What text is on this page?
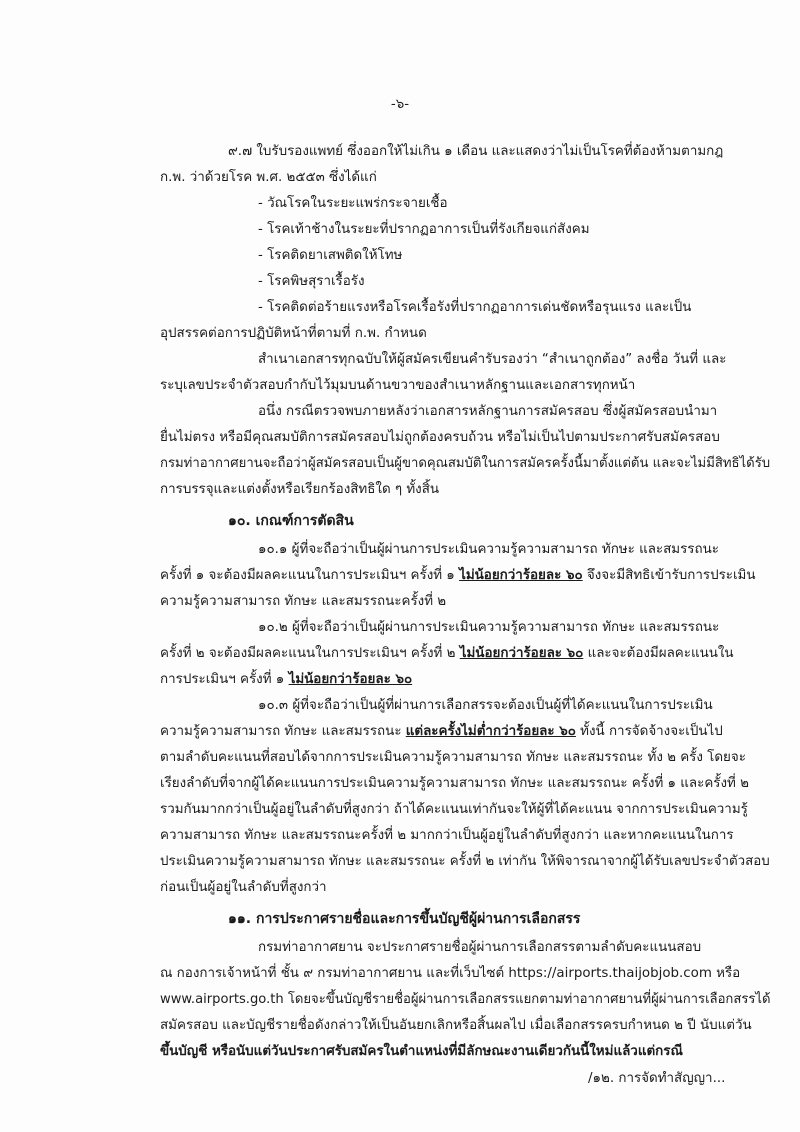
-๖-
๙.๗ ใบรับรองแพทย์ ซึ่งออกให้ไม่เกิน ๑ เดือน และแสดงว่าไม่เป็นโรคที่ต้องห้ามตามกฎ
ก.พ. ว่าด้วยโรค พ.ศ. ๒๕๕๓ ซึ่งได้แก่
- วัณโรคในระยะแพร่กระจายเชื้อ
- โรคเท้าช้างในระยะที่ปรากฏอาการเป็นที่รังเกียจแก่สังคม
- โรคติดยาเสพติดให้โทษ
- โรคพิษสุราเรื้อรัง
- โรคติดต่อร้ายแรงหรือโรคเรื้อรังที่ปรากฏอาการเด่นชัดหรือรุนแรง และเป็น
อุปสรรคต่อการปฏิบัติหน้าที่ตามที่ ก.พ. กำหนด
สำเนาเอกสารทุกฉบับให้ผู้สมัครเขียนคำรับรองว่า “สำเนาถูกต้อง” ลงชื่อ วันที่ และ
ระบุเลขประจำตัวสอบกำกับไว้มุมบนด้านขวาของสำเนาหลักฐานและเอกสารทุกหน้า
อนึ่ง กรณีตรวจพบภายหลังว่าเอกสารหลักฐานการสมัครสอบ ซึ่งผู้สมัครสอบนำมา
ยื่นไม่ตรง หรือมีคุณสมบัติการสมัครสอบไม่ถูกต้องครบถ้วน หรือไม่เป็นไปตามประกาศรับสมัครสอบ
กรมท่าอากาศยานจะถือว่าผู้สมัครสอบเป็นผู้ขาดคุณสมบัติในการสมัครครั้งนี้มาตั้งแต่ต้น และจะไม่มีสิทธิได้รับ
การบรรจุและแต่งตั้งหรือเรียกร้องสิทธิใด ๆ ทั้งสิ้น
๑๐. เกณฑ์การตัดสิน
๑๐.๑ ผู้ที่จะถือว่าเป็นผู้ผ่านการประเมินความรู้ความสามารถ ทักษะ และสมรรถนะ
ครั้งที่ ๑ จะต้องมีผลคะแนนในการประเมินฯ ครั้งที่ ๑ ไม่น้อยกว่าร้อยละ ๖๐ จึงจะมีสิทธิเข้ารับการประเมิน
ความรู้ความสามารถ ทักษะ และสมรรถนะครั้งที่ ๒
๑๐.๒ ผู้ที่จะถือว่าเป็นผู้ผ่านการประเมินความรู้ความสามารถ ทักษะ และสมรรถนะ
ครั้งที่ ๒ จะต้องมีผลคะแนนในการประเมินฯ ครั้งที่ ๒ ไม่น้อยกว่าร้อยละ ๖๐ และจะต้องมีผลคะแนนใน
การประเมินฯ ครั้งที่ ๑ ไม่น้อยกว่าร้อยละ ๖๐
๑๐.๓ ผู้ที่จะถือว่าเป็นผู้ที่ผ่านการเลือกสรรจะต้องเป็นผู้ที่ได้คะแนนในการประเมิน
ความรู้ความสามารถ ทักษะ และสมรรถนะ แต่ละครั้งไม่ต่ำกว่าร้อยละ ๖๐ ทั้งนี้ การจัดจ้างจะเป็นไป
ตามลำดับคะแนนที่สอบได้จากการประเมินความรู้ความสามารถ ทักษะ และสมรรถนะ ทั้ง ๒ ครั้ง โดยจะ
เรียงลำดับที่จากผู้ได้คะแนนการประเมินความรู้ความสามารถ ทักษะ และสมรรถนะ ครั้งที่ ๑ และครั้งที่ ๒
รวมกันมากกว่าเป็นผู้อยู่ในลำดับที่สูงกว่า ถ้าได้คะแนนเท่ากันจะให้ผู้ที่ได้คะแนน จากการประเมินความรู้
ความสามารถ ทักษะ และสมรรถนะครั้งที่ ๒ มากกว่าเป็นผู้อยู่ในลำดับที่สูงกว่า และหากคะแนนในการ
ประเมินความรู้ความสามารถ ทักษะ และสมรรถนะ ครั้งที่ ๒ เท่ากัน ให้พิจารณาจากผู้ได้รับเลขประจำตัวสอบ
ก่อนเป็นผู้อยู่ในลำดับที่สูงกว่า
๑๑. การประกาศรายชื่อและการขึ้นบัญชีผู้ผ่านการเลือกสรร
กรมท่าอากาศยาน จะประกาศรายชื่อผู้ผ่านการเลือกสรรตามลำดับคะแนนสอบ
ณ กองการเจ้าหน้าที่ ชั้น ๙ กรมท่าอากาศยาน และที่เว็บไซต์ https://airports.thaijobjob.com หรือ
www.airports.go.th โดยจะขึ้นบัญชีรายชื่อผู้ผ่านการเลือกสรรแยกตามท่าอากาศยานที่ผู้ผ่านการเลือกสรรได้
สมัครสอบ และบัญชีรายชื่อดังกล่าวให้เป็นอันยกเลิกหรือสิ้นผลไป เมื่อเลือกสรรครบกำหนด ๒ ปี นับแต่วัน
ขึ้นบัญชี หรือนับแต่วันประกาศรับสมัครในตำแหน่งที่มีลักษณะงานเดียวกันนี้ใหม่แล้วแต่กรณี
/๑๒. การจัดทำสัญญา...
